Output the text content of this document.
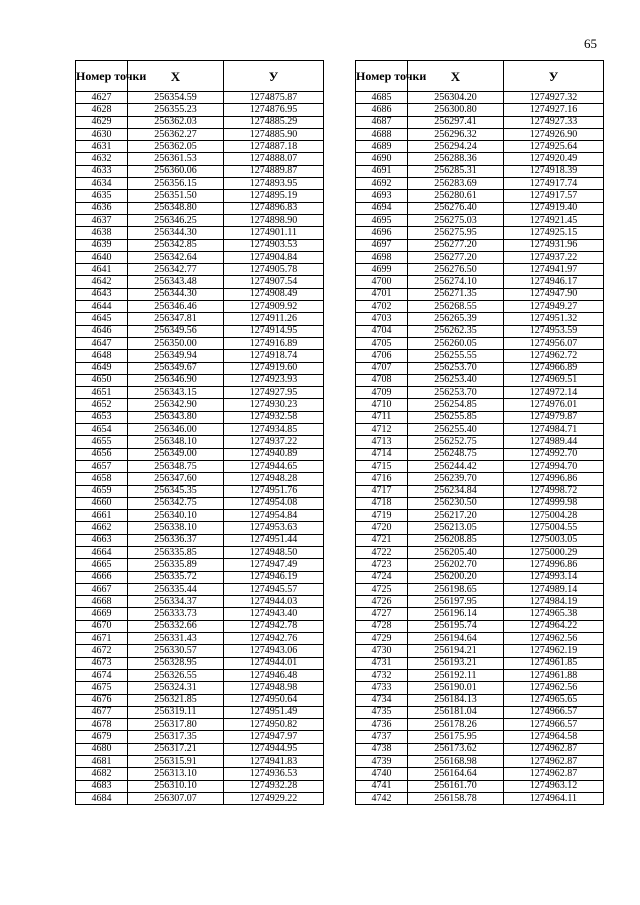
65
Номер точки	X	У
4627	256354.59	1274875.87
4628	256355.23	1274876.95
4629	256362.03	1274885.29
4630	256362.27	1274885.90
4631	256362.05	1274887.18
4632	256361.53	1274888.07
4633	256360.06	1274889.87
4634	256356.15	1274893.95
4635	256351.50	1274895.19
4636	256348.80	1274896.83
4637	256346.25	1274898.90
4638	256344.30	1274901.11
4639	256342.85	1274903.53
4640	256342.64	1274904.84
4641	256342.77	1274905.78
4642	256343.48	1274907.54
4643	256344.30	1274908.49
4644	256346.46	1274909.92
4645	256347.81	1274911.26
4646	256349.56	1274914.95
4647	256350.00	1274916.89
4648	256349.94	1274918.74
4649	256349.67	1274919.60
4650	256346.90	1274923.93
4651	256343.15	1274927.95
4652	256342.90	1274930.23
4653	256343.80	1274932.58
4654	256346.00	1274934.85
4655	256348.10	1274937.22
4656	256349.00	1274940.89
4657	256348.75	1274944.65
4658	256347.60	1274948.28
4659	256345.35	1274951.76
4660	256342.75	1274954.08
4661	256340.10	1274954.84
4662	256338.10	1274953.63
4663	256336.37	1274951.44
4664	256335.85	1274948.50
4665	256335.89	1274947.49
4666	256335.72	1274946.19
4667	256335.44	1274945.57
4668	256334.37	1274944.03
4669	256333.73	1274943.40
4670	256332.66	1274942.78
4671	256331.43	1274942.76
4672	256330.57	1274943.06
4673	256328.95	1274944.01
4674	256326.55	1274946.48
4675	256324.31	1274948.98
4676	256321.85	1274950.64
4677	256319.11	1274951.49
4678	256317.80	1274950.82
4679	256317.35	1274947.97
4680	256317.21	1274944.95
4681	256315.91	1274941.83
4682	256313.10	1274936.53
4683	256310.10	1274932.28
4684	256307.07	1274929.22
Номер точки	X	У
4685	256304.20	1274927.32
4686	256300.80	1274927.16
4687	256297.41	1274927.33
4688	256296.32	1274926.90
4689	256294.24	1274925.64
4690	256288.36	1274920.49
4691	256285.31	1274918.39
4692	256283.69	1274917.74
4693	256280.61	1274917.57
4694	256276.40	1274919.40
4695	256275.03	1274921.45
4696	256275.95	1274925.15
4697	256277.20	1274931.96
4698	256277.20	1274937.22
4699	256276.50	1274941.97
4700	256274.10	1274946.17
4701	256271.35	1274947.90
4702	256268.55	1274949.27
4703	256265.39	1274951.32
4704	256262.35	1274953.59
4705	256260.05	1274956.07
4706	256255.55	1274962.72
4707	256253.70	1274966.89
4708	256253.40	1274969.51
4709	256253.70	1274972.14
4710	256254.85	1274976.01
4711	256255.85	1274979.87
4712	256255.40	1274984.71
4713	256252.75	1274989.44
4714	256248.75	1274992.70
4715	256244.42	1274994.70
4716	256239.70	1274996.86
4717	256234.84	1274998.72
4718	256230.50	1274999.98
4719	256217.20	1275004.28
4720	256213.05	1275004.55
4721	256208.85	1275003.05
4722	256205.40	1275000.29
4723	256202.70	1274996.86
4724	256200.20	1274993.14
4725	256198.65	1274989.14
4726	256197.95	1274984.19
4727	256196.14	1274965.38
4728	256195.74	1274964.22
4729	256194.64	1274962.56
4730	256194.21	1274962.19
4731	256193.21	1274961.85
4732	256192.11	1274961.88
4733	256190.01	1274962.56
4734	256184.13	1274965.65
4735	256181.04	1274966.57
4736	256178.26	1274966.57
4737	256175.95	1274964.58
4738	256173.62	1274962.87
4739	256168.98	1274962.87
4740	256164.64	1274962.87
4741	256161.70	1274963.12
4742	256158.78	1274964.11
